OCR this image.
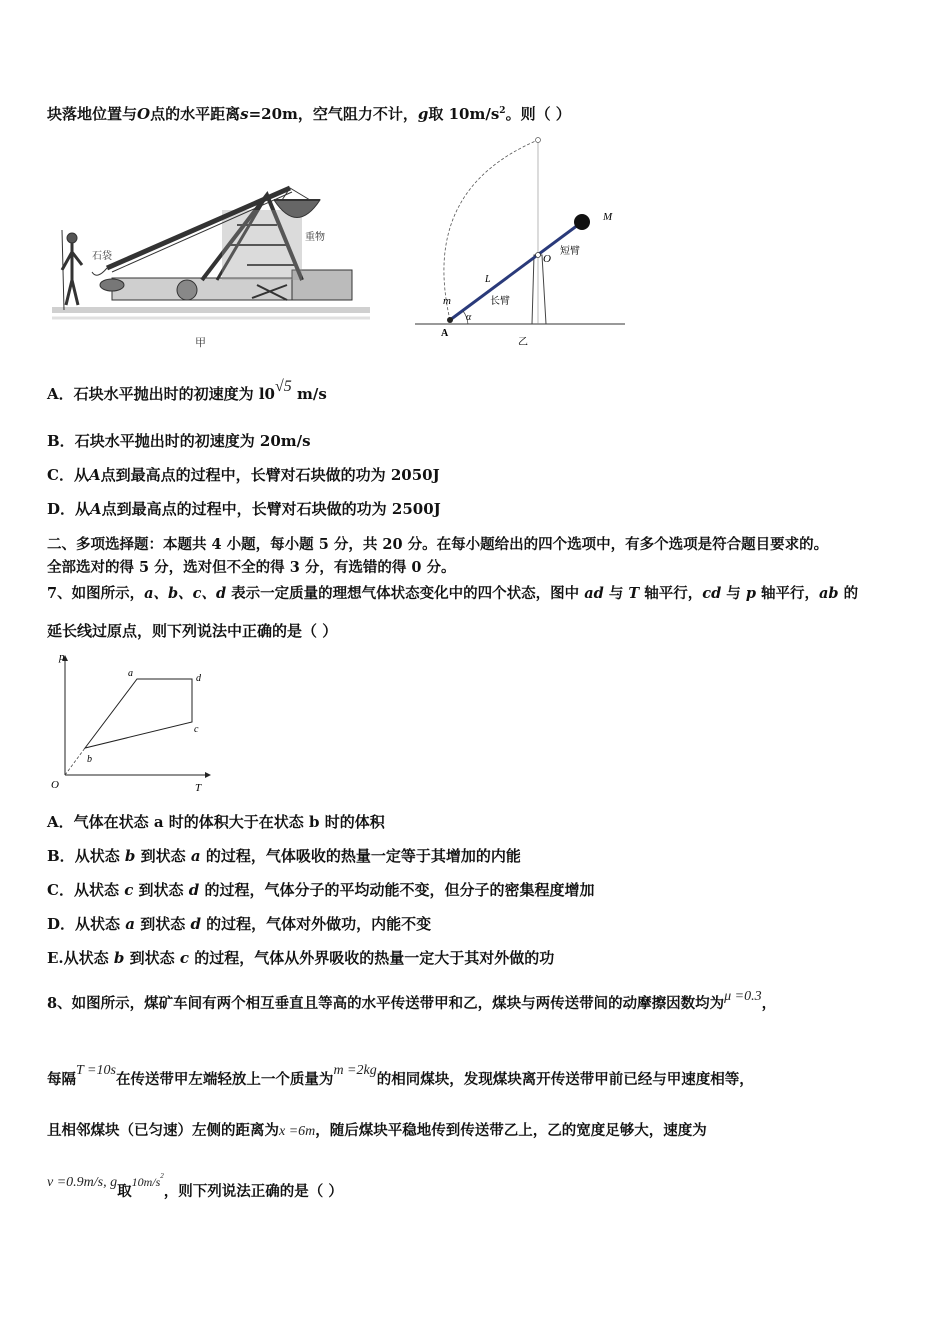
块落地位置与O点的水平距离s=20m，空气阻力不计，g取 $10m/s^2$。则（ ）
石袋
重物
甲
M
短臂
O
L
长臂
m
α
A
乙
A．石块水平抛出时的初速度为 l0√5 m/s
B．石块水平抛出时的初速度为 20m/s
C．从A点到最高点的过程中，长臂对石块做的功为 2050J
D．从A点到最高点的过程中，长臂对石块做的功为 2500J
二、多项选择题：本题共 4 小题，每小题 5 分，共 20 分。在每小题给出的四个选项中，有多个选项是符合题目要求的。
全部选对的得 5 分，选对但不全的得 3 分，有选错的得 0 分。
7、如图所示，a、b、c、d 表示一定质量的理想气体状态变化中的四个状态，图中 ad 与 T 轴平行，cd 与 p 轴平行，ab 的
延长线过原点，则下列说法中正确的是（ ）
p
T
O
a
b
c
d
A．气体在状态 a 时的体积大于在状态 b 时的体积
B．从状态 b 到状态 a 的过程，气体吸收的热量一定等于其增加的内能
C．从状态 c 到状态 d 的过程，气体分子的平均动能不变，但分子的密集程度增加
D．从状态 a 到状态 d 的过程，气体对外做功，内能不变
E.从状态 b 到状态 c 的过程，气体从外界吸收的热量一定大于其对外做的功
8、如图所示，煤矿车间有两个相互垂直且等高的水平传送带甲和乙，煤块与两传送带间的动摩擦因数均为μ =0.3，
每隔T =10s在传送带甲左端轻放上一个质量为m =2kg的相同煤块，发现煤块离开传送带甲前已经与甲速度相等，
且相邻煤块（已匀速）左侧的距离为x =6m，随后煤块平稳地传到传送带乙上，乙的宽度足够大，速度为
v =0.9m/s, g取$^{10m/s2}$，则下列说法正确的是（ ）
